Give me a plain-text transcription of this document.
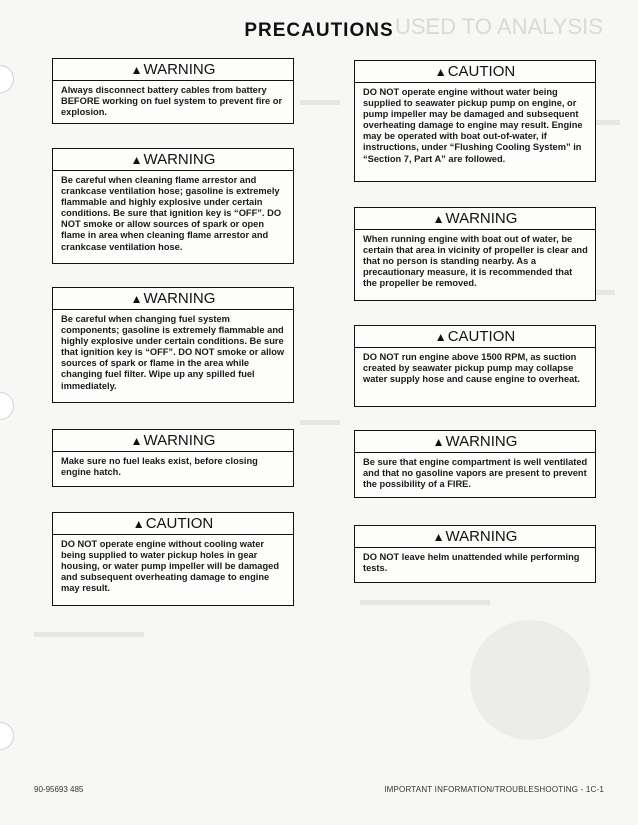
USED TO ANALYSIS
PRECAUTIONS
▲WARNING
Always disconnect battery cables from battery BEFORE working on fuel system to prevent fire or explosion.
▲WARNING
Be careful when cleaning flame arrestor and crankcase ventilation hose; gasoline is extremely flammable and highly explosive under certain conditions. Be sure that ignition key is “OFF”. DO NOT smoke or allow sources of spark or open flame in area when cleaning flame arrestor and crankcase ventilation hose.
▲WARNING
Be careful when changing fuel system components; gasoline is extremely flammable and highly explosive under certain conditions. Be sure that ignition key is “OFF”. DO NOT smoke or allow sources of spark or flame in the area while changing fuel filter. Wipe up any spilled fuel immediately.
▲WARNING
Make sure no fuel leaks exist, before closing engine hatch.
▲CAUTION
DO NOT operate engine without cooling water being supplied to water pickup holes in gear housing, or water pump impeller will be damaged and subsequent overheating damage to engine may result.
▲CAUTION
DO NOT operate engine without water being supplied to seawater pickup pump on engine, or pump impeller may be damaged and subsequent overheating damage to engine may result. Engine may be operated with boat out-of-water, if instructions, under “Flushing Cooling System” in “Section 7, Part A” are followed.
▲WARNING
When running engine with boat out of water, be certain that area in vicinity of propeller is clear and that no person is standing nearby. As a precautionary measure, it is recommended that the propeller be removed.
▲CAUTION
DO NOT run engine above 1500 RPM, as suction created by seawater pickup pump may collapse water supply hose and cause engine to overheat.
▲WARNING
Be sure that engine compartment is well ventilated and that no gasoline vapors are present to prevent the possibility of a FIRE.
▲WARNING
DO NOT leave helm unattended while performing tests.
90-95693 485	IMPORTANT INFORMATION/TROUBLESHOOTING - 1C-1
